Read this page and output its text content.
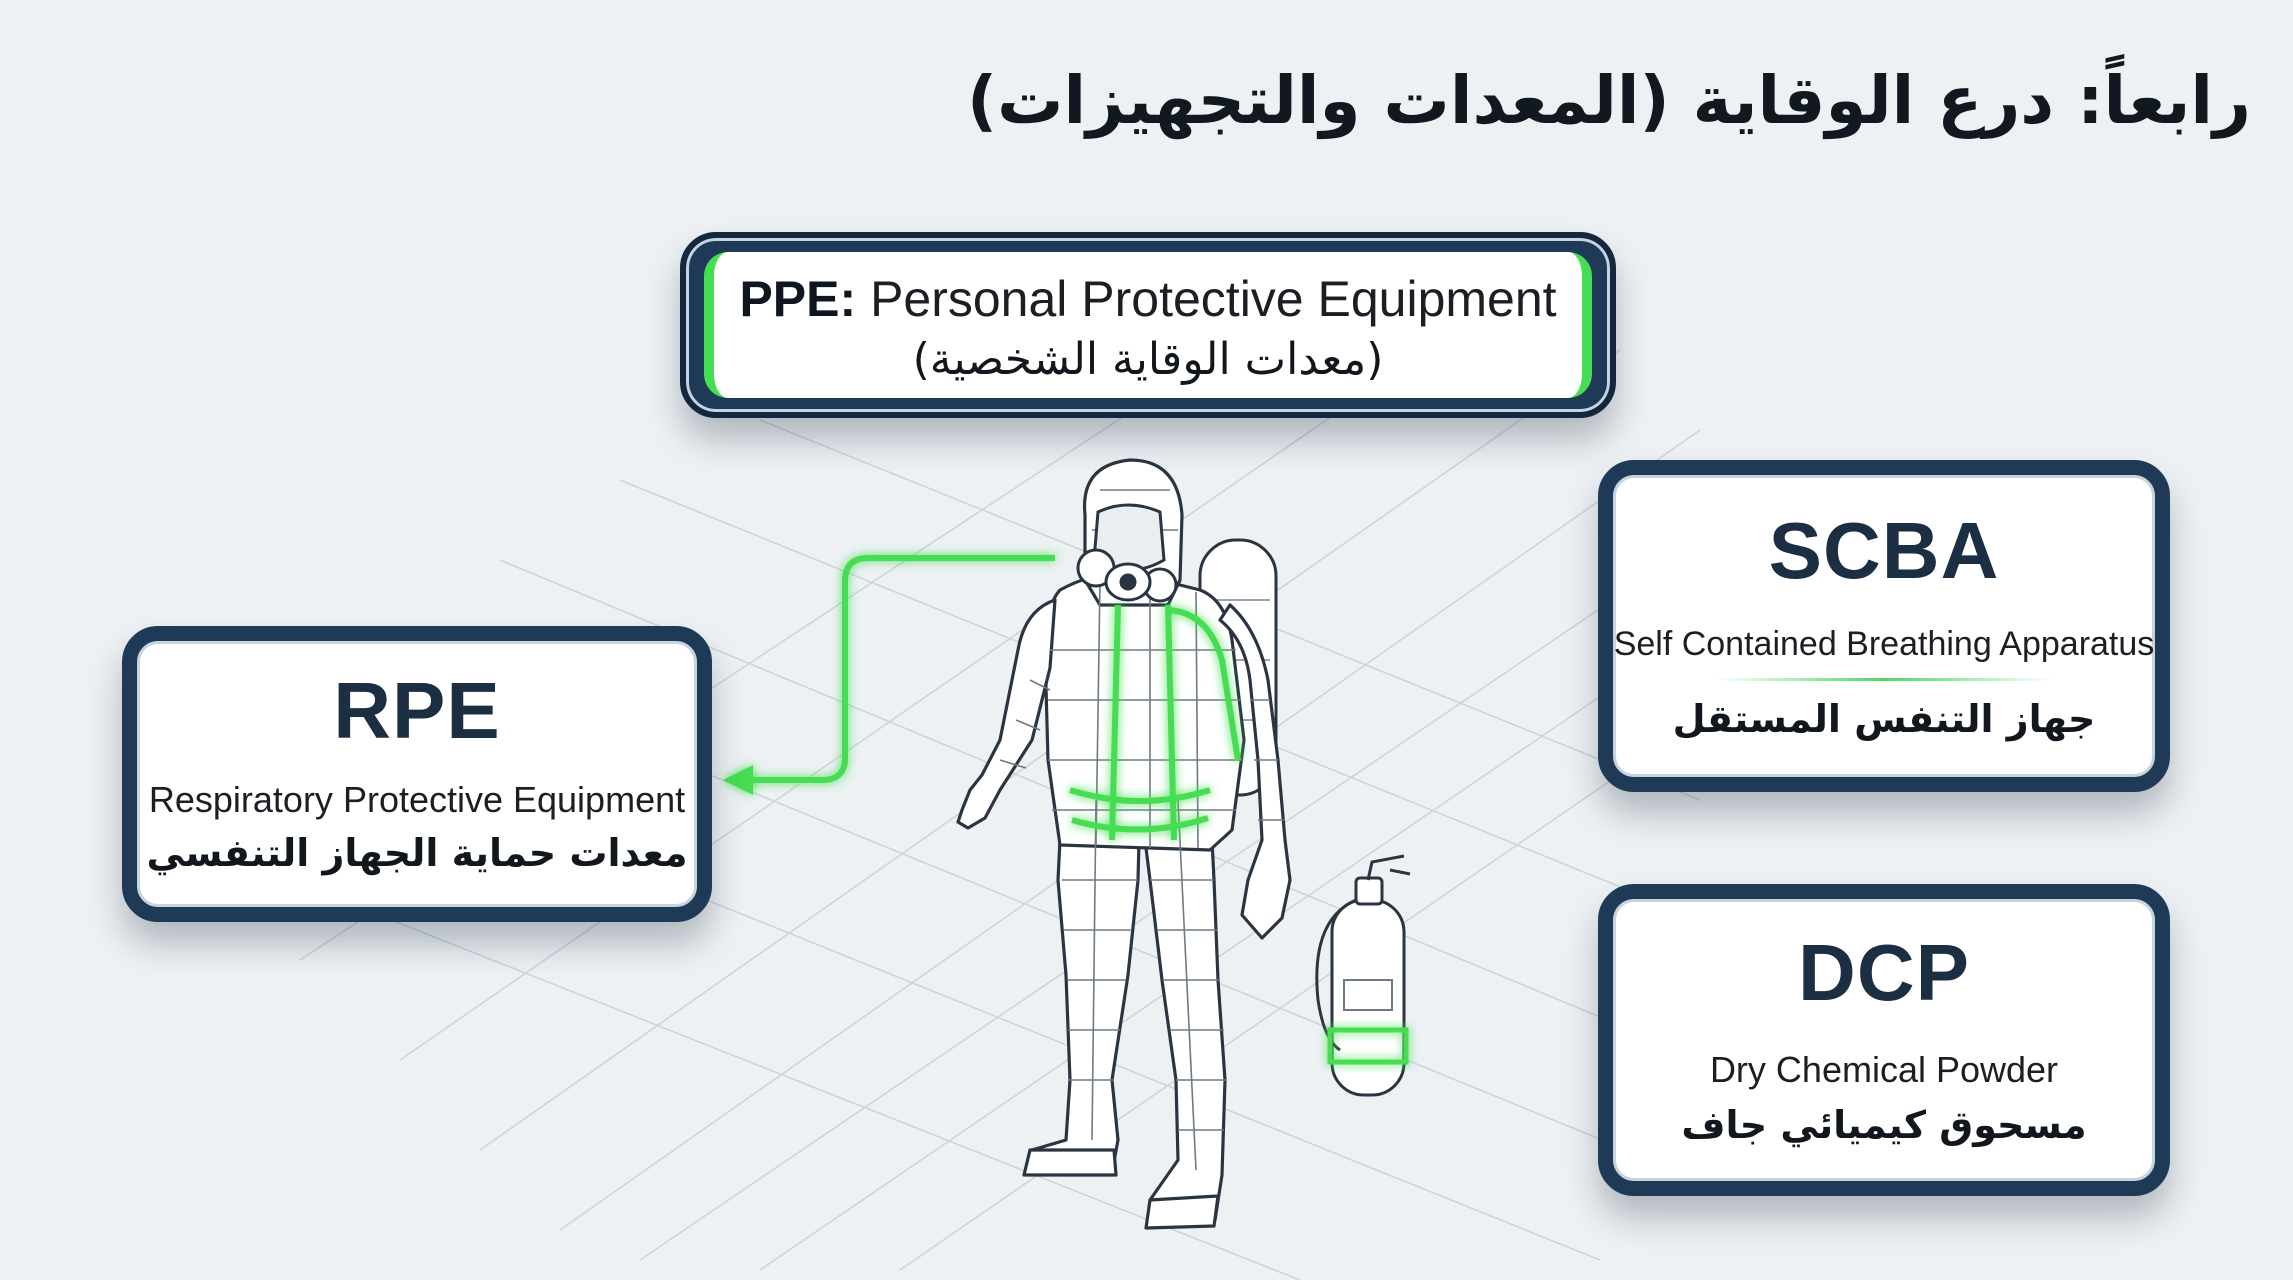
رابعاً: درع الوقاية (المعدات والتجهيزات)
PPE: Personal Protective Equipment
(معدات الوقاية الشخصية)
RPE
Respiratory Protective Equipment
معدات حماية الجهاز التنفسي
SCBA
Self Contained Breathing Apparatus
جهاز التنفس المستقل
DCP
Dry Chemical Powder
مسحوق كيميائي جاف
